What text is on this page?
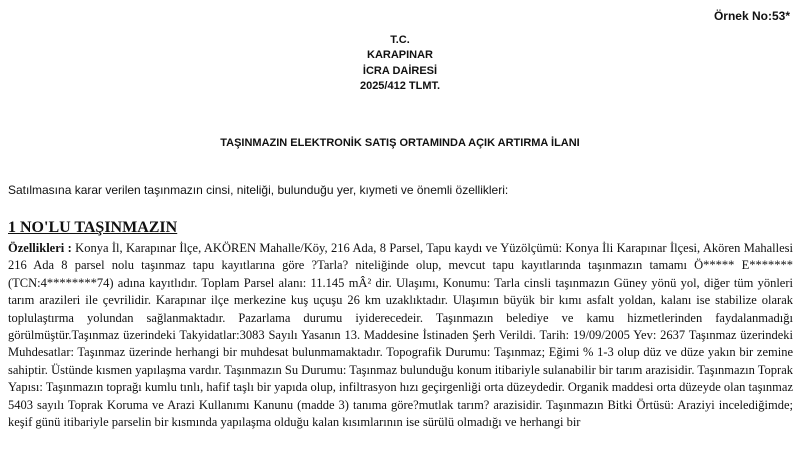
Örnek No:53*
T.C.
KARAPINAR
İCRA DAİRESİ
2025/412 TLMT.
TAŞINMAZIN ELEKTRONİK SATIŞ ORTAMINDA AÇIK ARTIRMA İLANI
Satılmasına karar verilen taşınmazın cinsi, niteliği, bulunduğu yer, kıymeti ve önemli özellikleri:
1 NO'LU TAŞINMAZIN

Özellikleri : Konya İl, Karapınar İlçe, AKÖREN Mahalle/Köy, 216 Ada, 8 Parsel, Tapu kaydı ve Yüzölçümü: Konya İli Karapınar İlçesi, Akören Mahallesi 216 Ada 8 parsel nolu taşınmaz tapu kayıtlarına göre ?Tarla? niteliğinde olup, mevcut tapu kayıtlarında taşınmazın tamamı Ö***** E******* (TCN:4********74) adına kayıtlıdır. Toplam Parsel alanı: 11.145 mÂ² dir. Ulaşımı, Konumu: Tarla cinsli taşınmazın Güney yönü yol, diğer tüm yönleri tarım arazileri ile çevrilidir. Karapınar ilçe merkezine kuş uçuşu 26 km uzaklıktadır. Ulaşımın büyük bir kımı asfalt yoldan, kalanı ise stabilize olarak toplulaştırma yolundan sağlanmaktadır. Pazarlama durumu iyiderecedeir. Taşınmazın belediye ve kamu hizmetlerinden faydalanmadığı görülmüştür.Taşınmaz üzerindeki Takyidatlar:3083 Sayılı Yasanın 13. Maddesine İstinaden Şerh Verildi. Tarih: 19/09/2005 Yev: 2637 Taşınmaz üzerindeki Muhdesatlar: Taşınmaz üzerinde herhangi bir muhdesat bulunmamaktadır. Topografik Durumu: Taşınmaz; Eğimi % 1-3 olup düz ve düze yakın bir zemine sahiptir. Üstünde kısmen yapılaşma vardır. Taşınmazın Su Durumu: Taşınmaz bulunduğu konum itibariyle sulanabilir bir tarım arazisidir. Taşınmazın Toprak Yapısı: Taşınmazın toprağı kumlu tınlı, hafif taşlı bir yapıda olup, infiltrasyon hızı geçirgenliği orta düzeydedir. Organik maddesi orta düzeyde olan taşınmaz 5403 sayılı Toprak Koruma ve Arazi Kullanımı Kanunu (madde 3) tanıma göre?mutlak tarım? arazisidir. Taşınmazın Bitki Örtüsü: Araziyi incelediğimde; keşif günü itibariyle parselin bir kısmında yapılaşma olduğu kalan kısımlarının ise sürülü olmadığı ve herhangi bir
